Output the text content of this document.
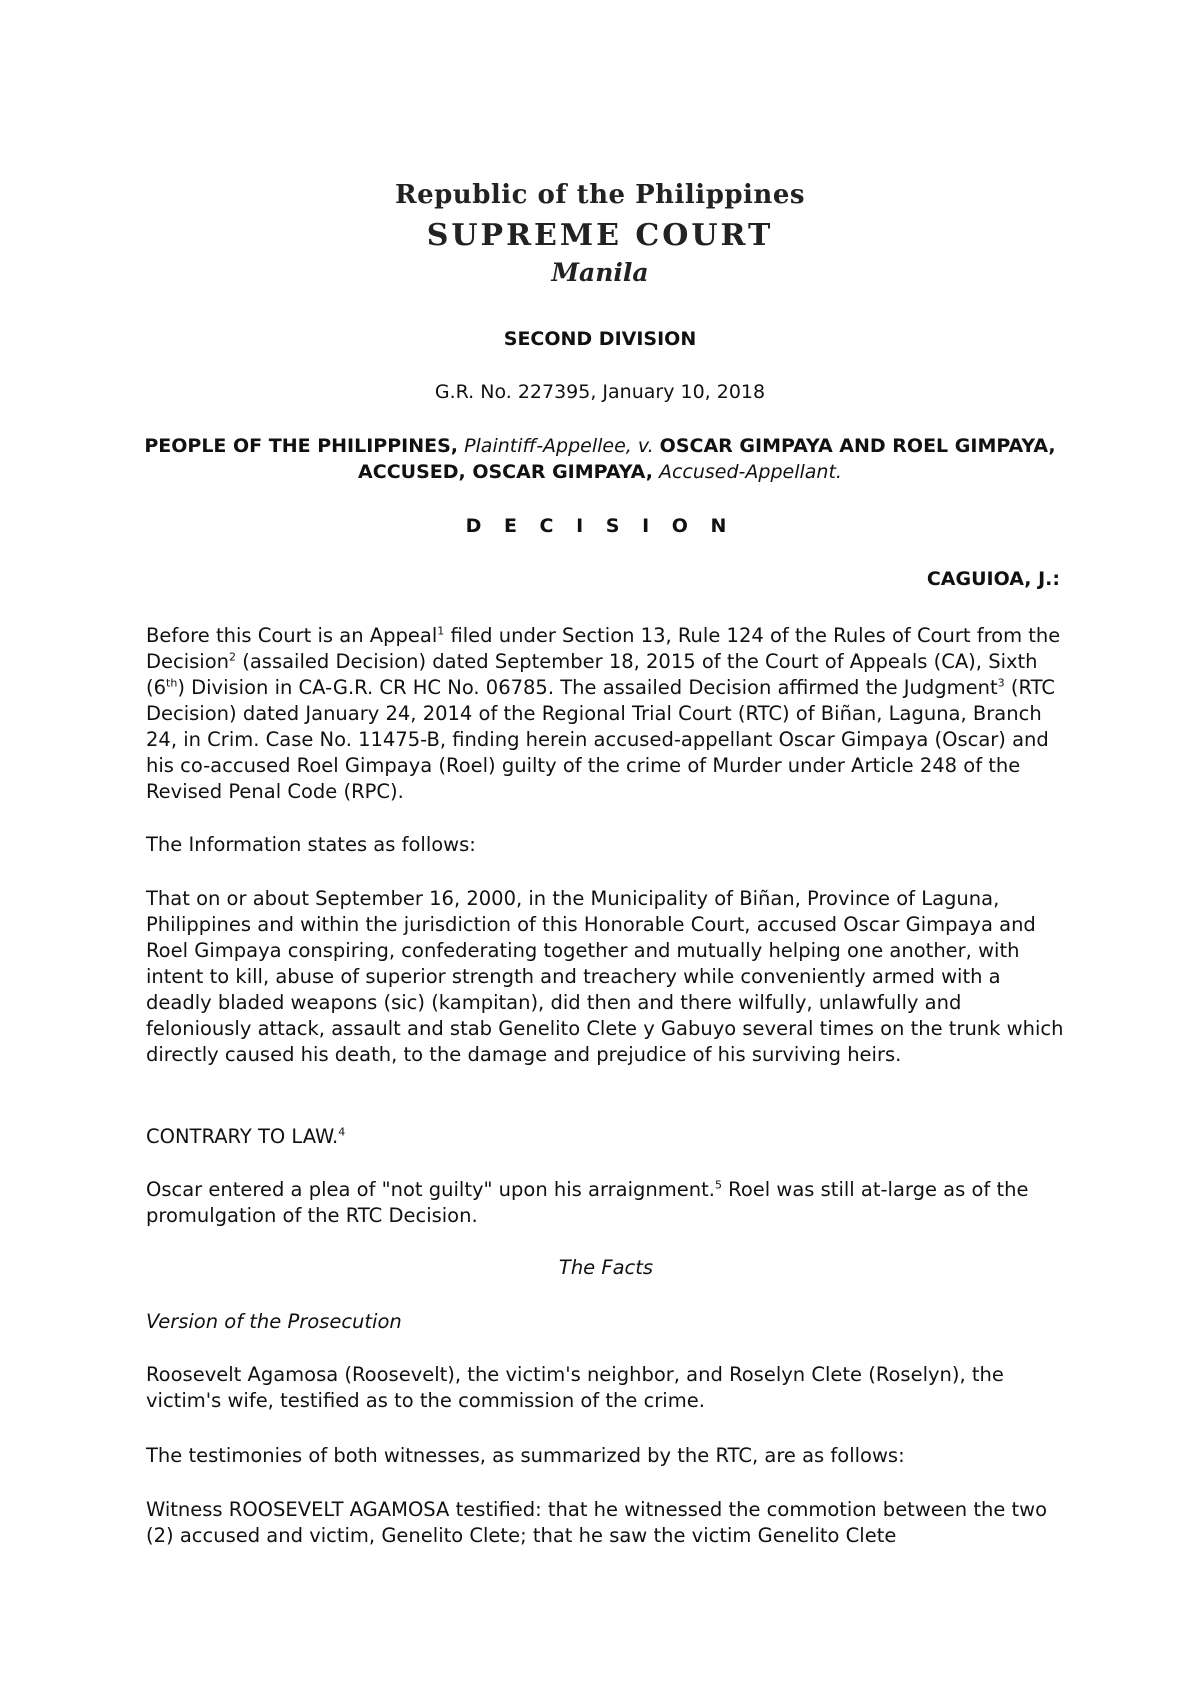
Republic of the Philippines
SUPREME COURT
Manila
SECOND DIVISION
G.R. No. 227395, January 10, 2018
PEOPLE OF THE PHILIPPINES, Plaintiff-Appellee, v. OSCAR GIMPAYA AND ROEL GIMPAYA, ACCUSED, OSCAR GIMPAYA, Accused-Appellant.
D E C I S I O N
CAGUIOA, J.:
Before this Court is an Appeal$^1$ filed under Section 13, Rule 124 of the Rules of Court from the Decision$^2$ (assailed Decision) dated September 18, 2015 of the Court of Appeals (CA), Sixth (6th) Division in CA-G.R. CR HC No. 06785. The assailed Decision affirmed the Judgment$^3$ (RTC Decision) dated January 24, 2014 of the Regional Trial Court (RTC) of Biñan, Laguna, Branch 24, in Crim. Case No. 11475-B, finding herein accused-appellant Oscar Gimpaya (Oscar) and his co-accused Roel Gimpaya (Roel) guilty of the crime of Murder under Article 248 of the Revised Penal Code (RPC).
The Information states as follows:
That on or about September 16, 2000, in the Municipality of Biñan, Province of Laguna, Philippines and within the jurisdiction of this Honorable Court, accused Oscar Gimpaya and Roel Gimpaya conspiring, confederating together and mutually helping one another, with intent to kill, abuse of superior strength and treachery while conveniently armed with a deadly bladed weapons (sic) (kampitan), did then and there wilfully, unlawfully and feloniously attack, assault and stab Genelito Clete y Gabuyo several times on the trunk which directly caused his death, to the damage and prejudice of his surviving heirs.
CONTRARY TO LAW.$^4$
Oscar entered a plea of "not guilty" upon his arraignment.$^5$ Roel was still at-large as of the promulgation of the RTC Decision.
The Facts
Version of the Prosecution
Roosevelt Agamosa (Roosevelt), the victim's neighbor, and Roselyn Clete (Roselyn), the victim's wife, testified as to the commission of the crime.
The testimonies of both witnesses, as summarized by the RTC, are as follows:
Witness ROOSEVELT AGAMOSA testified: that he witnessed the commotion between the two (2) accused and victim, Genelito Clete; that he saw the victim Genelito Clete
